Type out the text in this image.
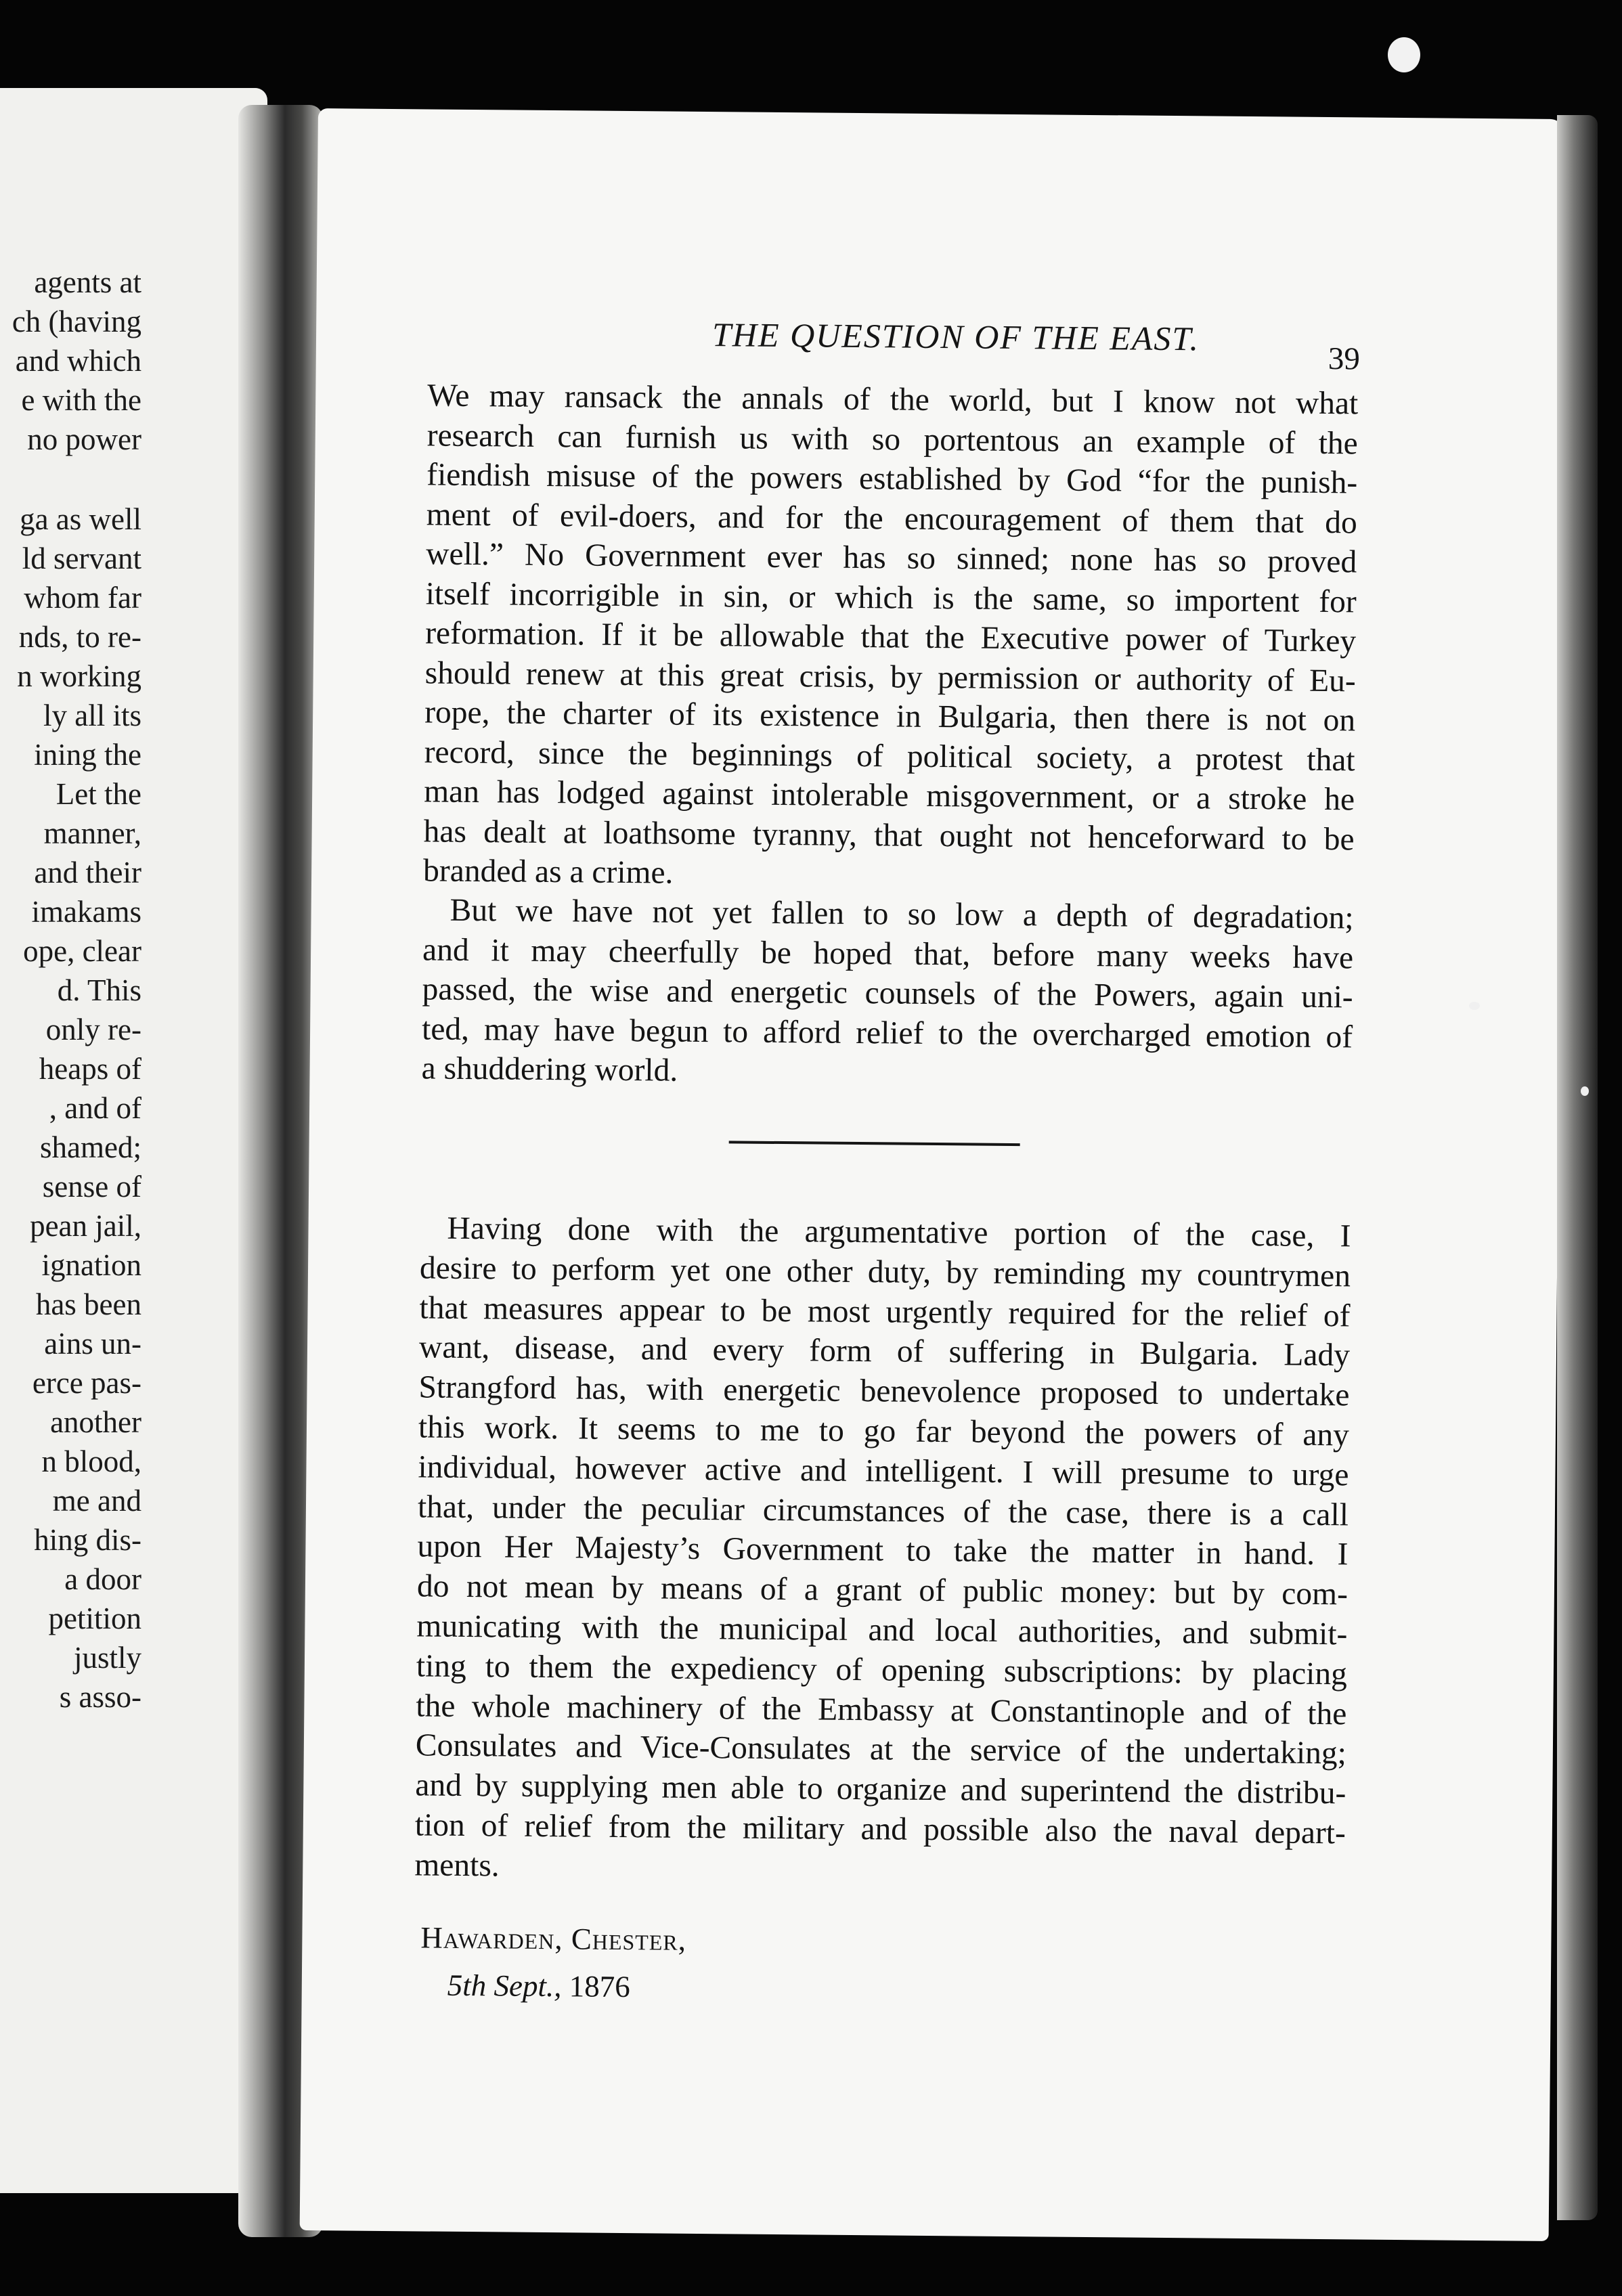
agents at
ch (having
and which
e with the
no power
ga as well
ld servant
whom far
nds, to re-
n working
ly all its
ining the
Let the
manner,
and their
imakams
ope, clear
d. This
only re-
heaps of
, and of
shamed;
sense of
pean jail,
ignation
has been
ains un-
erce pas-
another
n blood,
me and
hing dis-
a door
petition
justly
s asso-
THE QUESTION OF THE EAST.
39
We may ransack the annals of the world, but I know not what
research can furnish us with so portentous an example of the
fiendish misuse of the powers established by God “for the punish-
ment of evil-doers, and for the encouragement of them that do
well.” No Government ever has so sinned; none has so proved
itself incorrigible in sin, or which is the same, so importent for
reformation. If it be allowable that the Executive power of Turkey
should renew at this great crisis, by permission or authority of Eu-
rope, the charter of its existence in Bulgaria, then there is not on
record, since the beginnings of political society, a protest that
man has lodged against intolerable misgovernment, or a stroke he
has dealt at loathsome tyranny, that ought not henceforward to be
branded as a crime.
But we have not yet fallen to so low a depth of degradation;
and it may cheerfully be hoped that, before many weeks have
passed, the wise and energetic counsels of the Powers, again uni-
ted, may have begun to afford relief to the overcharged emotion of
a shuddering world.
Having done with the argumentative portion of the case, I
desire to perform yet one other duty, by reminding my countrymen
that measures appear to be most urgently required for the relief of
want, disease, and every form of suffering in Bulgaria. Lady
Strangford has, with energetic benevolence proposed to undertake
this work. It seems to me to go far beyond the powers of any
individual, however active and intelligent. I will presume to urge
that, under the peculiar circumstances of the case, there is a call
upon Her Majesty’s Government to take the matter in hand. I
do not mean by means of a grant of public money: but by com-
municating with the municipal and local authorities, and submit-
ting to them the expediency of opening subscriptions: by placing
the whole machinery of the Embassy at Constantinople and of the
Consulates and Vice-Consulates at the service of the undertaking;
and by supplying men able to organize and superintend the distribu-
tion of relief from the military and possible also the naval depart-
ments.
Hawarden, Chester,
5th Sept., 1876
